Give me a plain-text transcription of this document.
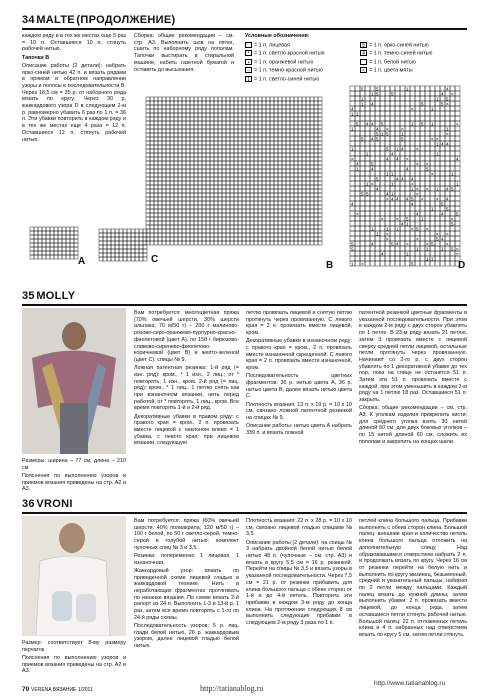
34 MALTE (ПРОДОЛЖЕНИЕ)

каждом ряду и в тех же местах еще 5 раз = 10 п. Оставшиеся 10 п. стянуть рабочей нитью.

Тапочки В

Описание работы (2 детали): набрать ярко-синей нитью 42 п. и вязать рядами в прямом и обратном направлении узоры и полосы в последовательности В. Через 18,5 см = 35 р. от наборного ряда вязать по кругу. Через 30 р. жаккардового узора D в следующем 2-м р. равномерно убавить 6 раз по 1 п. = 36 п. Эти убавки повторить в каждом ряду и в тех же местах еще 4 раза = 12 п. Оставшиеся 12 п. стянуть рабочей нитью.

Сборка: общие рекомендации – см. стр. А3. Выполнить шов на пятке, сшить по наборному ряду пополам. Тапочки выстирать в стиральной машине, набить газетной бумагой и оставить до высыхания.

Условные обозначения:
= 1 п. лицевая
* = 1 п. светло-красной нитью
• = 1 п. оранжевой нитью
− = 1 п. темно-красной нитью
1 = 1 п. светло-синей нитью
5 = 1 п. ярко-синей нитью
4 = 1 п. темно-синей нитью
= 1 п. белой нитью
× = 1 п. цвета мяты
5	5	1	4
1 5	5	4 ×
1	1 5
1 4	5	5 ×
4	×	1
1 1
5 4 4 5	1 5 1	×
1	4 ×	×	1
5 1 5	1	×
5 4 5	5	× ×
1 4 4
1	5 1 4	×
1	4	1
×	4 4 ×	4
4	5	× ×
1	4	4	5
1 1	×	1
5	4 4 4
1 ×	1	×	1
4	1 × × 1 4 5
5 5	4 1	×
× 4 4 4 5 ×	× 4
4	4	5
1	5
×	4	4	5
×	× 5	1	×
4 1	5
1	1 1	× 5 ×
1 ×	× ×
×	×	5 4
5	4	5 4 ×	× 5	×
5	1 1	1 5 ×
4	1	×
1 1
1 ×	5
A	C
B	D
35 MOLLY

Размеры: ширина – 77 см, длина – 210 см

Пояснения по выполнению узоров и приемов вязания приведены на стр. А2 и А3.

Вам потребуется: многоцветная пряжа (70% овечьей шерсти, 30% шерсти альпака; 70 м/50 г) – 200 г малиново-розово-серо-оранжево-пурпурно-красно-фиолетовой (цвет А), по 150 г бирюзово-сливово-сиренево-фиолетово-коричневой (цвет В) и желто-зеленой (цвет С); спицы № 9.

Ложная патентная резинка: 1-й ряд (= изн. ряд): кром., * 1 изн., 2 лиц.; от * повторять, 1 изн., кром. 2-й ряд (= лиц. ряд): кром., * 1 лиц., 1 петлю снять как при изнаночном вязании, нить перед работой, от * повторять, 1 лиц., кром. Все время повторять 1-й и 2-й ряд.

Декоративные убавки в правом ряду: с правого края = кром., 2 п. провязать вместе лицевой с наклоном влево = 1 убавка, с левого края: при лицевом вязании, следующую

петлю провязать лицевой и снятую петлю протянуть через провязанную. С левого края = 2 п. провязать вместе лицевой, кром.

Декоративные убавки в изнаночном ряду: с правого края = кром., 2 п. провязать вместе изнаночной скрещенной. С левого края = 2 п. провязать вместе изнаночной, кром.

Последовательность цветных фрагментов: 36 р. нитью цвета А, 36 р. нитью цвета В, далее вязать нитью цвета С.

Плотность вязания: 13 п. х 19 р. = 10 х 10 см, связано ложной патентной резинкой на спицах № 9.

Описание работы: нитью цвета А набрать 339 п. и вязать ложной

патентной резинкой цветные фрагменты в указанной последовательности. При этом в каждом 2-м ряду с двух сторон убавлять по 1 петле. В 23-м ряду вязать 21 петлю, затем 3 провязать вместе с лицевой сверху средней петли лицевой, остальные петли протянуть через провязанную. Начинают со 2-го р. с двух сторон убавлять по 1 декоративной убавке до тех пор, пока на спице не останется 51 п. Затем эти 51 п. провязать вместе с каждой, при этом уменьшить в каждом 2-м ряду на 1 петлю 18 раз. Оставшиеся 51 п. закрыть.

Сборка: общие рекомендации – см. стр. А3. К уголкам изделия прикрепить кисти: для среднего уголка взять 30 нитей длиной 60 см, для двух боковых уголков – по 15 нитей длиной 60 см, сложить их пополам и закрепить на концах шали.

36 VRONI

Размер: соответствует 8-му размеру перчаток

Пояснения по выполнению узоров и приемов вязания приведены на стр. А2 и А3.

Вам потребуется: пряжа (60% овечьей шерсти, 40% полиакрила; 120 м/50 г) – 100 г белой, по 50 г светло-серой, темно-серой и голубой нитью; комплект чулочных спиц № 3 и 3,5.

Резинка: попеременно 1 лицевая, 1 изнаночная.

Жаккардовый узор: вязать по приведенной схеме лицевой гладью в жаккардовой технике. Нить в неработающих фрагментах протягивать по изнанке вязания. По схеме вязать 2-й рапорт из 24 п. Выполнить 1-3 и 13-й р. 1 раз, затем все время повторять с 1-го по 24-й ряды схемы.

Последовательность узоров: 5 р. лиц. глади белой нитью, 26 р. жаккардовым узором, далее лицевой гладью белой нитью.

Плотность вязания: 22 п. х 28 р. = 10 х 10 см, связано лицевой гладью спицами № 3,5.

Описание работы (2 детали): на спицы № 3 набрать двойной белой нитью белой нитью 48 п. (чулочные – см. стр. А3) и вязать в кругу 5,5 см = 16 р. резинкой. Перейти на спицы № 3,5 и вязать узоры в указанной последовательности. Через 7,5 см = 21 р. от резинки прибавить для клина большого пальца с обеих сторон от 1-й и до 4-й петель. Повторить эти прибавки в каждом 3-м ряду до конца клина. На протяжении следующих 8 см выполнить следующие прибавки: в следующем 2-м ряду 3 раза по 1 п.

петлей клина большого пальца. Прибавки выполнять с обеих сторон клина. Большой палец: внешние края и количество петель клина большого пальца отложить на дополнительную спицу. Над образовавшимся отверстием набрать 2 п. и продолжать вязать по кругу. Через 16 см от резинки перейти на белую нить и выполнить по кругу мизинец, безымянный, средний и указательный пальцы, набирая по 2 петли между пальцами. Каждый палец вязать до нужной длины, затем выполнить убавки: 2 п. провязать вместе лицевой, до конца ряда, затем оставшиеся петли стянуть рабочей нитью. Большой палец: 22 п. отложенных петель клина и 4 п. набранных над отверстием вязать по кругу 5 см, затем петли стянуть.

70 VERENA ВЯЗАНИЕ 1/2011	http://tatianablog.ru
http://www.tatianablog.ru
